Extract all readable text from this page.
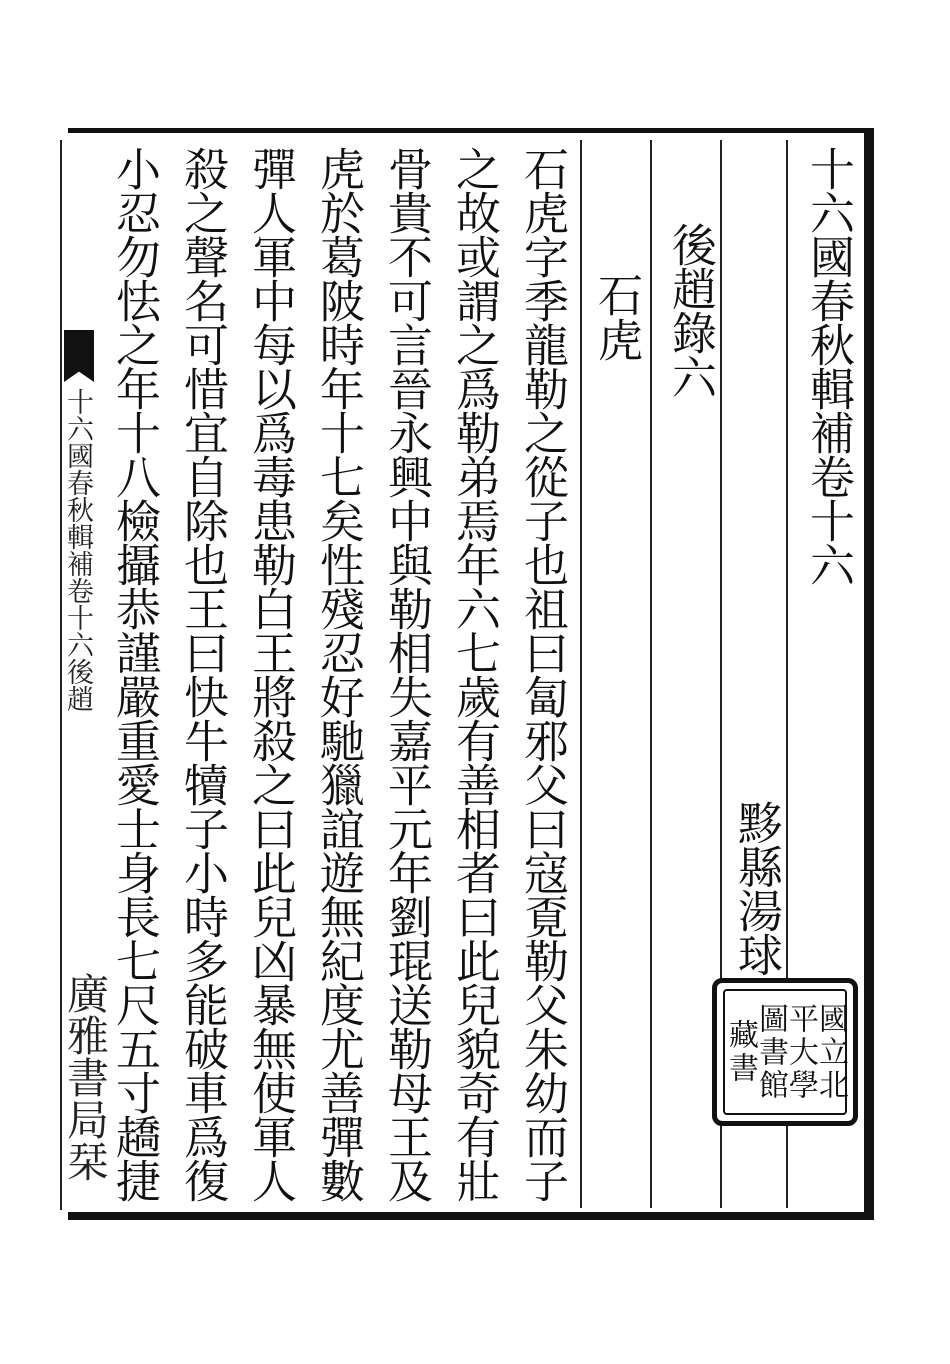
十六國春秋輯補卷十六
後趙錄六
石虎
黟縣湯球
石虎字季龍勒之從子也祖曰匐邪父曰寇覔勒父朱幼而子
之故或謂之爲勒弟焉年六七歲有善相者曰此兒貌奇有壯
骨貴不可言晉永興中與勒相失嘉平元年劉琨送勒母王及
虎於葛陂時年十七矣性殘忍好馳獵誼遊無紀度尤善彈數
彈人軍中每以爲毒患勒白王將殺之曰此兒凶暴無使軍人
殺之聲名可惜宜自除也王曰快牛犢子小時多能破車爲復
小忍勿怯之年十八檢攝恭謹嚴重愛士身長七尺五寸趫捷
十六國春秋輯補卷十六後趙
廣雅書局栞	國立北
平大學
圖書館
藏書
